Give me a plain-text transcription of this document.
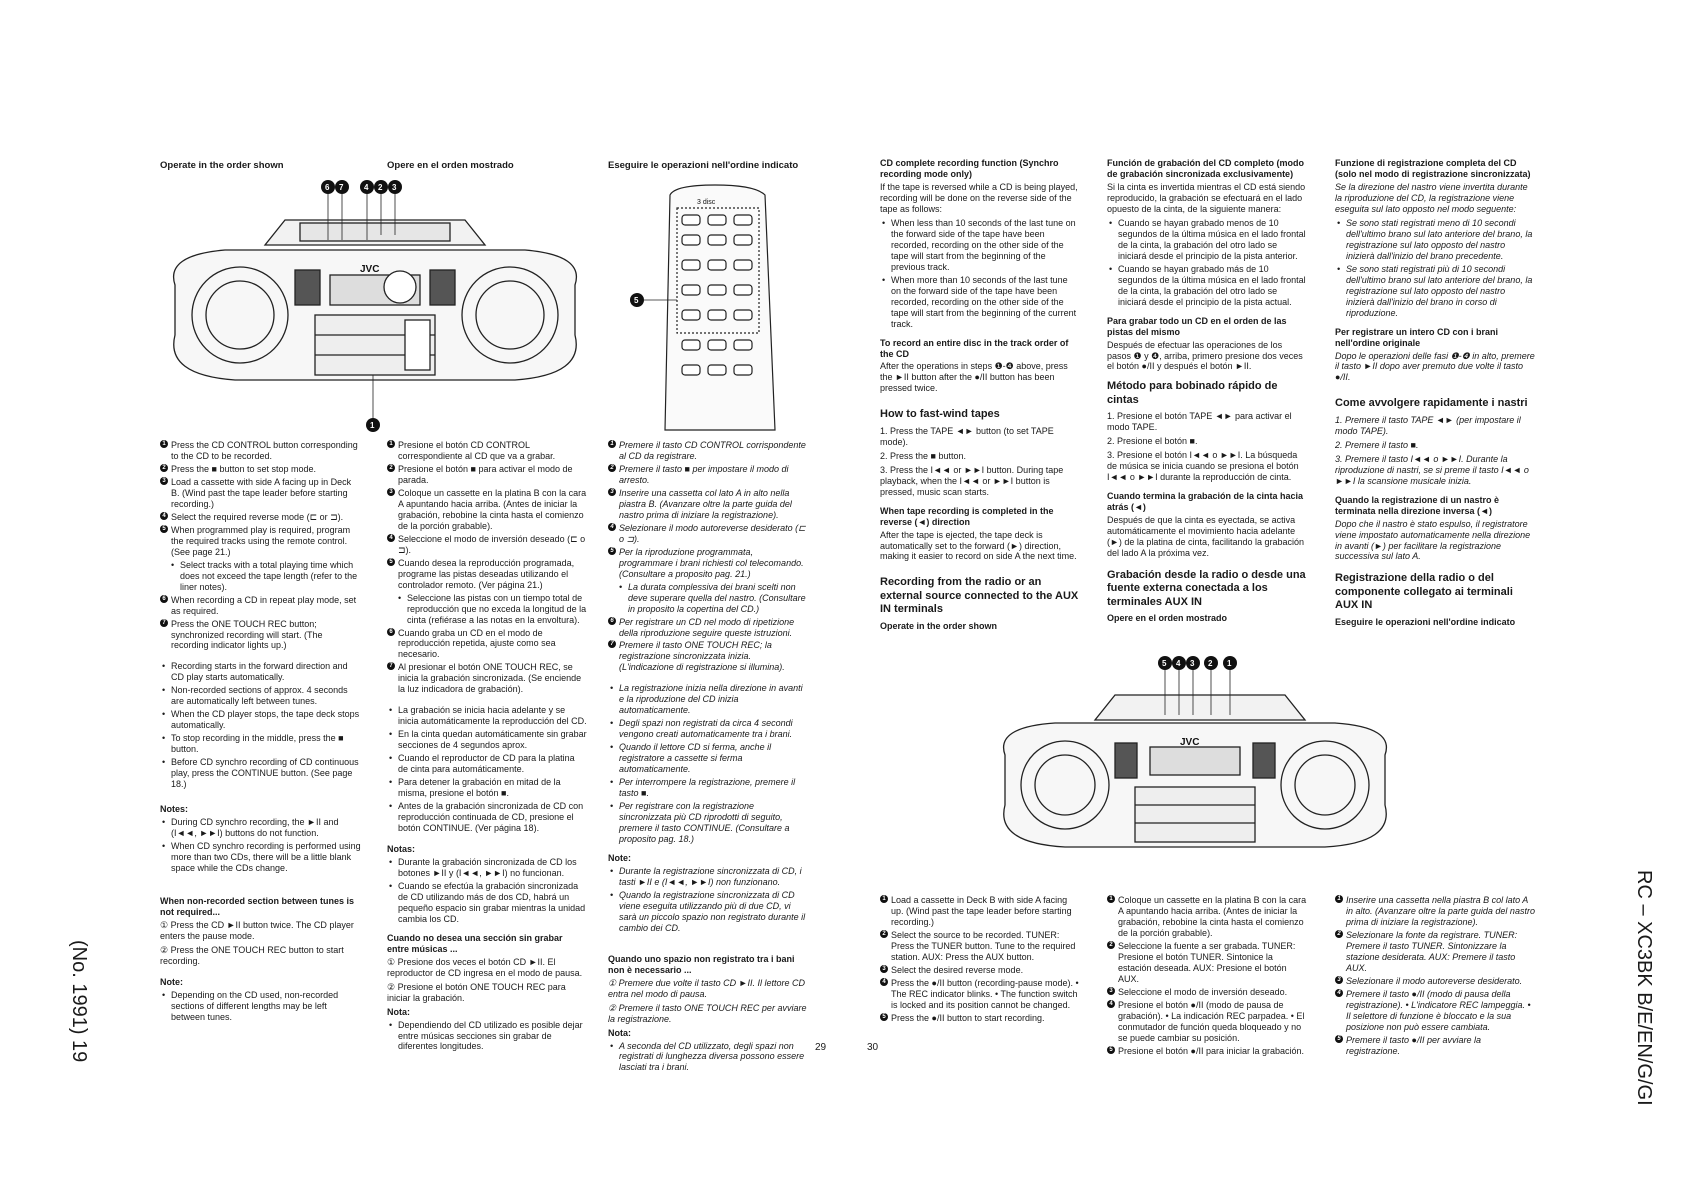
(No. 1991) 19	RC – XC3BK B/E/EN/G/GI
29	30
Operate in the order shown	Opere en el orden mostrado	Eseguire le operazioni nell'ordine indicato
JVC
6 7	4 2 3
1
3 disc
5
1 Press the CD CONTROL button corresponding to the CD to be recorded.
2 Press the ■ button to set stop mode.
3 Load a cassette with side A facing up in Deck B. (Wind past the tape leader before starting recording.)
4 Select the required reverse mode (⊏ or ⊐).
5 When programmed play is required, program the required tracks using the remote control. (See page 21.)
• Select tracks with a total playing time which does not exceed the tape length (refer to the liner notes).
6 When recording a CD in repeat play mode, set as required.
7 Press the ONE TOUCH REC button; synchronized recording will start. (The recording indicator lights up.)
• Recording starts in the forward direction and CD play starts automatically.
• Non-recorded sections of approx. 4 seconds are automatically left between tunes.
• When the CD player stops, the tape deck stops automatically.
• To stop recording in the middle, press the ■ button.
• Before CD synchro recording of CD continuous play, press the CONTINUE button. (See page 18.)
Notes:
• During CD synchro recording, the ►II and (I◄◄, ►►I) buttons do not function.
• When CD synchro recording is performed using more than two CDs, there will be a little blank space while the CDs change.
When non-recorded section between tunes is not required...

① Press the CD ►II button twice. The CD player enters the pause mode.

② Press the ONE TOUCH REC button to start recording.

Note:
• Depending on the CD used, non-recorded sections of different lengths may be left between tunes.
1 Presione el botón CD CONTROL correspondiente al CD que va a grabar.
2 Presione el botón ■ para activar el modo de parada.
3 Coloque un cassette en la platina B con la cara A apuntando hacia arriba. (Antes de iniciar la grabación, rebobine la cinta hasta el comienzo de la porción grabable).
4 Seleccione el modo de inversión deseado (⊏ o ⊐).
5 Cuando desea la reproducción programada, programe las pistas deseadas utilizando el controlador remoto. (Ver página 21.)
• Seleccione las pistas con un tiempo total de reproducción que no exceda la longitud de la cinta (refiérase a las notas en la envoltura).
6 Cuando graba un CD en el modo de reproducción repetida, ajuste como sea necesario.
7 Al presionar el botón ONE TOUCH REC, se inicia la grabación sincronizada. (Se enciende la luz indicadora de grabación).
• La grabación se inicia hacia adelante y se inicia automáticamente la reproducción del CD.
• En la cinta quedan automáticamente sin grabar secciones de 4 segundos aprox.
• Cuando el reproductor de CD para la platina de cinta para automáticamente.
• Para detener la grabación en mitad de la misma, presione el botón ■.
• Antes de la grabación sincronizada de CD con reproducción continuada de CD, presione el botón CONTINUE. (Ver página 18).
Notas:
• Durante la grabación sincronizada de CD los botones ►II y (I◄◄, ►►I) no funcionan.
• Cuando se efectúa la grabación sincronizada de CD utilizando más de dos CD, habrá un pequeño espacio sin grabar mientras la unidad cambia los CD.
Cuando no desea una sección sin grabar entre músicas ...

① Presione dos veces el botón CD ►II. El reproductor de CD ingresa en el modo de pausa.

② Presione el botón ONE TOUCH REC para iniciar la grabación.

Nota:
• Dependiendo del CD utilizado es posible dejar entre músicas secciones sin grabar de diferentes longitudes.
1 Premere il tasto CD CONTROL corrispondente al CD da registrare.
2 Premere il tasto ■ per impostare il modo di arresto.
3 Inserire una cassetta col lato A in alto nella piastra B. (Avanzare oltre la parte guida del nastro prima di iniziare la registrazione).
4 Selezionare il modo autoreverse desiderato (⊏ o ⊐).
5 Per la riproduzione programmata, programmare i brani richiesti col telecomando. (Consultare a proposito pag. 21.)
• La durata complessiva dei brani scelti non deve superare quella del nastro. (Consultare in proposito la copertina del CD.)
6 Per registrare un CD nel modo di ripetizione della riproduzione seguire queste istruzioni.
7 Premere il tasto ONE TOUCH REC; la registrazione sincronizzata inizia. (L'indicazione di registrazione si illumina).
• La registrazione inizia nella direzione in avanti e la riproduzione del CD inizia automaticamente.
• Degli spazi non registrati da circa 4 secondi vengono creati automaticamente tra i brani.
• Quando il lettore CD si ferma, anche il registratore a cassette si ferma automaticamente.
• Per interrompere la registrazione, premere il tasto ■.
• Per registrare con la registrazione sincronizzata più CD riprodotti di seguito, premere il tasto CONTINUE. (Consultare a proposito pag. 18.)
Note:
• Durante la registrazione sincronizzata di CD, i tasti ►II e (I◄◄, ►►I) non funzionano.
• Quando la registrazione sincronizzata di CD viene eseguita utilizzando più di due CD, vi sarà un piccolo spazio non registrato durante il cambio dei CD.
Quando uno spazio non registrato tra i bani non è necessario ...

① Premere due volte il tasto CD ►II. Il lettore CD entra nel modo di pausa.

② Premere il tasto ONE TOUCH REC per avviare la registrazione.

Nota:
• A seconda del CD utilizzato, degli spazi non registrati di lunghezza diversa possono essere lasciati tra i brani.
CD complete recording function (Synchro recording mode only)

If the tape is reversed while a CD is being played, recording will be done on the reverse side of the tape as follows:

• When less than 10 seconds of the last tune on the forward side of the tape have been recorded, recording on the other side of the tape will start from the beginning of the previous track.
• When more than 10 seconds of the last tune on the forward side of the tape have been recorded, recording on the other side of the tape will start from the beginning of the current track.
To record an entire disc in the track order of the CD

After the operations in steps ❶-❹ above, press the ►II button after the ●/II button has been pressed twice.

How to fast-wind tapes

1. Press the TAPE ◄► button (to set TAPE mode).

2. Press the ■ button.

3. Press the I◄◄ or ►►I button. During tape playback, when the I◄◄ or ►►I button is pressed, music scan starts.

When tape recording is completed in the reverse (◄) direction

After the tape is ejected, the tape deck is automatically set to the forward (►) direction, making it easier to record on side A the next time.

Recording from the radio or an external source connected to the AUX IN terminals
Operate in the order shown
Función de grabación del CD completo (modo de grabación sincronizada exclusivamente)

Si la cinta es invertida mientras el CD está siendo reproducido, la grabación se efectuará en el lado opuesto de la cinta, de la siguiente manera:

• Cuando se hayan grabado menos de 10 segundos de la última música en el lado frontal de la cinta, la grabación del otro lado se iniciará desde el principio de la pista anterior.
• Cuando se hayan grabado más de 10 segundos de la última música en el lado frontal de la cinta, la grabación del otro lado se iniciará desde el principio de la pista actual.
Para grabar todo un CD en el orden de las pistas del mismo

Después de efectuar las operaciones de los pasos ❶ y ❹, arriba, primero presione dos veces el botón ●/II y después el botón ►II.

Método para bobinado rápido de cintas

1. Presione el botón TAPE ◄► para activar el modo TAPE.

2. Presione el botón ■.

3. Presione el botón I◄◄ o ►►I. La búsqueda de música se inicia cuando se presiona el botón I◄◄ o ►►I durante la reproducción de cinta.

Cuando termina la grabación de la cinta hacia atrás (◄)

Después de que la cinta es eyectada, se activa automáticamente el movimiento hacia adelante (►) de la platina de cinta, facilitando la grabación del lado A la próxima vez.

Grabación desde la radio o desde una fuente externa conectada a los terminales AUX IN
Opere en el orden mostrado
Funzione di registrazione completa del CD (solo nel modo di registrazione sincronizzata)

Se la direzione del nastro viene invertita durante la riproduzione del CD, la registrazione viene eseguita sul lato opposto nel modo seguente:

• Se sono stati registrati meno di 10 secondi dell'ultimo brano sul lato anteriore del brano, la registrazione sul lato opposto del nastro inizierà dall'inizio del brano precedente.
• Se sono stati registrati più di 10 secondi dell'ultimo brano sul lato anteriore del brano, la registrazione sul lato opposto del nastro inizierà dall'inizio del brano in corso di riproduzione.
Per registrare un intero CD con i brani nell'ordine originale

Dopo le operazioni delle fasi ❶-❹ in alto, premere il tasto ►II dopo aver premuto due volte il tasto ●/II.

Come avvolgere rapidamente i nastri

1. Premere il tasto TAPE ◄► (per impostare il modo TAPE).

2. Premere il tasto ■.

3. Premere il tasto I◄◄ o ►►I. Durante la riproduzione di nastri, se si preme il tasto I◄◄ o ►►I la scansione musicale inizia.

Quando la registrazione di un nastro è terminata nella direzione inversa (◄)

Dopo che il nastro è stato espulso, il registratore viene impostato automaticamente nella direzione in avanti (►) per facilitare la registrazione successiva sul lato A.

Registrazione della radio o del componente collegato ai terminali AUX IN
Eseguire le operazioni nell'ordine indicato
JVC
5 4 3 2 1
1 Load a cassette in Deck B with side A facing up. (Wind past the tape leader before starting recording.)
2 Select the source to be recorded. TUNER: Press the TUNER button. Tune to the required station. AUX: Press the AUX button.
3 Select the desired reverse mode.
4 Press the ●/II button (recording-pause mode). • The REC indicator blinks. • The function switch is locked and its position cannot be changed.
5 Press the ●/II button to start recording.
1 Coloque un cassette en la platina B con la cara A apuntando hacia arriba. (Antes de iniciar la grabación, rebobine la cinta hasta el comienzo de la porción grabable).
2 Seleccione la fuente a ser grabada. TUNER: Presione el botón TUNER. Sintonice la estación deseada. AUX: Presione el botón AUX.
3 Seleccione el modo de inversión deseado.
4 Presione el botón ●/II (modo de pausa de grabación). • La indicación REC parpadea. • El conmutador de función queda bloqueado y no se puede cambiar su posición.
5 Presione el botón ●/II para iniciar la grabación.
1 Inserire una cassetta nella piastra B col lato A in alto. (Avanzare oltre la parte guida del nastro prima di iniziare la registrazione).
2 Selezionare la fonte da registrare. TUNER: Premere il tasto TUNER. Sintonizzare la stazione desiderata. AUX: Premere il tasto AUX.
3 Selezionare il modo autoreverse desiderato.
4 Premere il tasto ●/II (modo di pausa della registrazione). • L'indicatore REC lampeggia. • Il selettore di funzione è bloccato e la sua posizione non può essere cambiata.
5 Premere il tasto ●/II per avviare la registrazione.
